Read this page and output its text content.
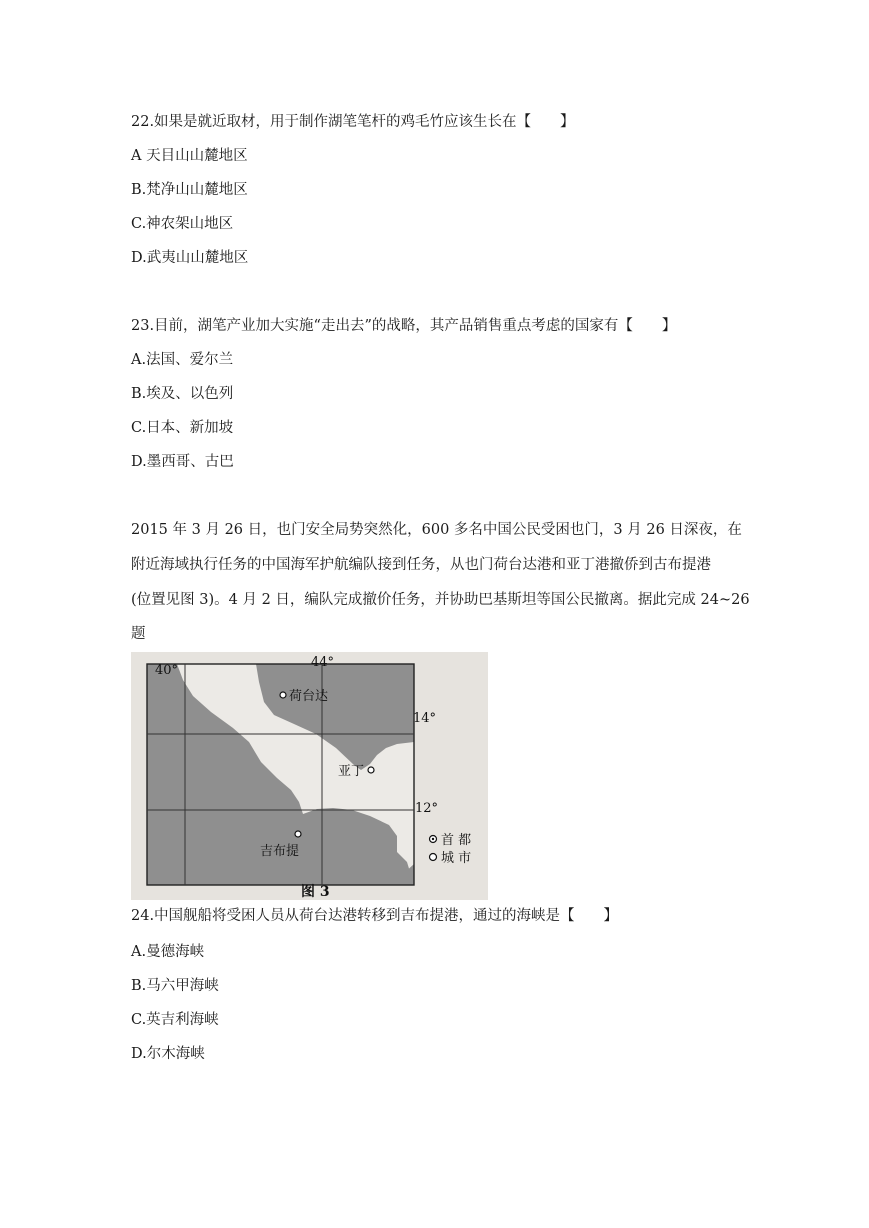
22.如果是就近取材，用于制作湖笔笔杆的鸡毛竹应该生长在【　　】
A 天目山山麓地区
B.梵净山山麓地区
C.神农架山地区
D.武夷山山麓地区
23.目前，湖笔产业加大实施“走出去”的战略，其产品销售重点考虑的国家有【　　】
A.法国、爱尔兰
B.埃及、以色列
C.日本、新加坡
D.墨西哥、古巴
2015 年 3 月 26 日，也门安全局势突然化，600 多名中国公民受困也门，3 月 26 日深夜，在
附近海域执行任务的中国海军护航编队接到任务，从也门荷台达港和亚丁港撤侨到古布提港
(位置见图 3)。4 月 2 日，编队完成撤价任务，并协助巴基斯坦等国公民撤离。据此完成 24~26
题
40°
44°
14°
12°
荷台达
亚丁
吉布提
首 都
城 市
图 3
24.中国舰船将受困人员从荷台达港转移到吉布提港，通过的海峡是【　　】
A.曼德海峡
B.马六甲海峡
C.英吉利海峡
D.尔木海峡
